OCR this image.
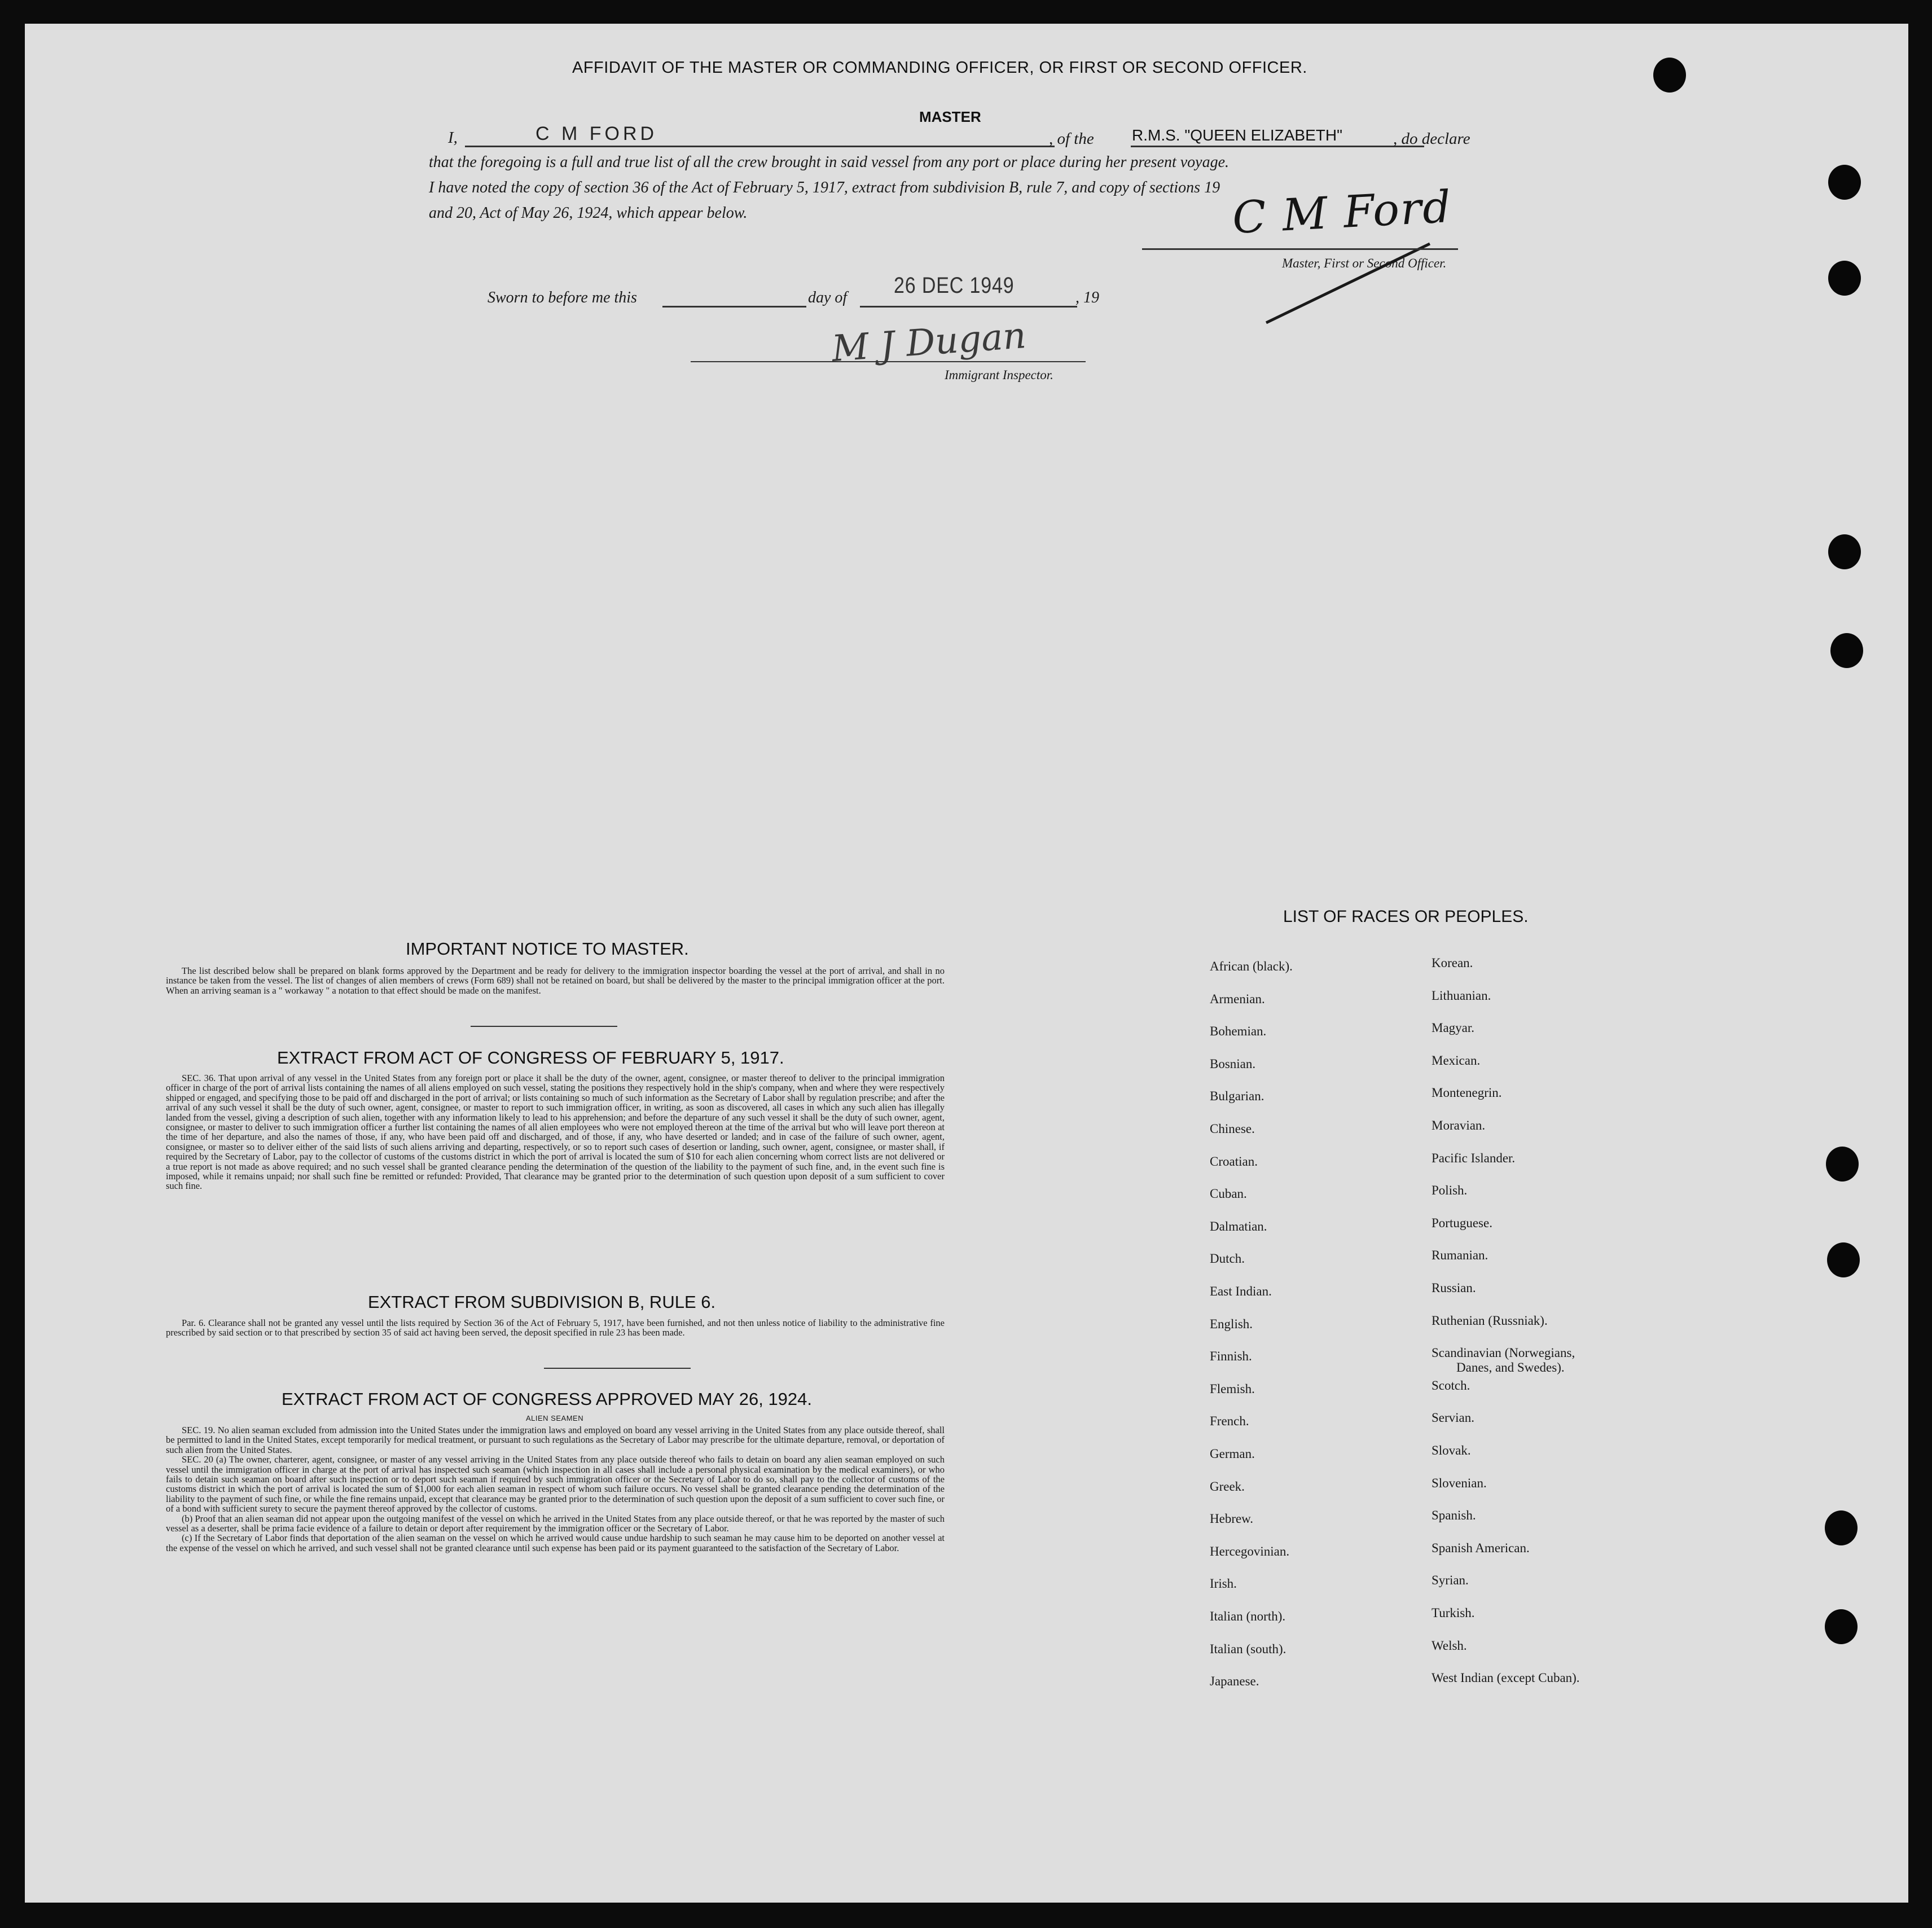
AFFIDAVIT OF THE MASTER OR COMMANDING OFFICER, OR FIRST OR SECOND OFFICER.
I,	C M FORD
MASTER
, of the R.M.S. "QUEEN ELIZABETH"	, do declare
that the foregoing is a full and true list of all the crew brought in said vessel from any port or place during her present voyage.
I have noted the copy of section 36 of the Act of February 5, 1917, extract from subdivision B, rule 7, and copy of sections 19
and 20, Act of May 26, 1924, which appear below.	C M Ford
Master, First or Second Officer.
Sworn to before me this	day of 26 DEC 1949	, 19
M J Dugan
Immigrant Inspector.
IMPORTANT NOTICE TO MASTER.

The list described below shall be prepared on blank forms approved by the Department and be ready for delivery to the immigration inspector boarding the vessel at the port of arrival, and shall in no instance be taken from the vessel. The list of changes of alien members of crews (Form 689) shall not be retained on board, but shall be delivered by the master to the principal immigration officer at the port. When an arriving seaman is a " workaway " a notation to that effect should be made on the manifest.

EXTRACT FROM ACT OF CONGRESS OF FEBRUARY 5, 1917.

SEC. 36. That upon arrival of any vessel in the United States from any foreign port or place it shall be the duty of the owner, agent, consignee, or master thereof to deliver to the principal immigration officer in charge of the port of arrival lists containing the names of all aliens employed on such vessel, stating the positions they respectively hold in the ship's company, when and where they were respectively shipped or engaged, and specifying those to be paid off and discharged in the port of arrival; or lists containing so much of such information as the Secretary of Labor shall by regulation prescribe; and after the arrival of any such vessel it shall be the duty of such owner, agent, consignee, or master to report to such immigration officer, in writing, as soon as discovered, all cases in which any such alien has illegally landed from the vessel, giving a description of such alien, together with any information likely to lead to his apprehension; and before the departure of any such vessel it shall be the duty of such owner, agent, consignee, or master to deliver to such immigration officer a further list containing the names of all alien employees who were not employed thereon at the time of the arrival but who will leave port thereon at the time of her departure, and also the names of those, if any, who have been paid off and discharged, and of those, if any, who have deserted or landed; and in case of the failure of such owner, agent, consignee, or master so to deliver either of the said lists of such aliens arriving and departing, respectively, or so to report such cases of desertion or landing, such owner, agent, consignee, or master shall, if required by the Secretary of Labor, pay to the collector of customs of the customs district in which the port of arrival is located the sum of $10 for each alien concerning whom correct lists are not delivered or a true report is not made as above required; and no such vessel shall be granted clearance pending the determination of the question of the liability to the payment of such fine, and, in the event such fine is imposed, while it remains unpaid; nor shall such fine be remitted or refunded: Provided, That clearance may be granted prior to the determination of such question upon deposit of a sum sufficient to cover such fine.

EXTRACT FROM SUBDIVISION B, RULE 6.

Par. 6. Clearance shall not be granted any vessel until the lists required by Section 36 of the Act of February 5, 1917, have been furnished, and not then unless notice of liability to the administrative fine prescribed by said section or to that prescribed by section 35 of said act having been served, the deposit specified in rule 23 has been made.

EXTRACT FROM ACT OF CONGRESS APPROVED MAY 26, 1924.
ALIEN SEAMEN

SEC. 19. No alien seaman excluded from admission into the United States under the immigration laws and employed on board any vessel arriving in the United States from any place outside thereof, shall be permitted to land in the United States, except temporarily for medical treatment, or pursuant to such regulations as the Secretary of Labor may prescribe for the ultimate departure, removal, or deportation of such alien from the United States.

SEC. 20 (a) The owner, charterer, agent, consignee, or master of any vessel arriving in the United States from any place outside thereof who fails to detain on board any alien seaman employed on such vessel until the immigration officer in charge at the port of arrival has inspected such seaman (which inspection in all cases shall include a personal physical examination by the medical examiners), or who fails to detain such seaman on board after such inspection or to deport such seaman if required by such immigration officer or the Secretary of Labor to do so, shall pay to the collector of customs of the customs district in which the port of arrival is located the sum of $1,000 for each alien seaman in respect of whom such failure occurs. No vessel shall be granted clearance pending the determination of the liability to the payment of such fine, or while the fine remains unpaid, except that clearance may be granted prior to the determination of such question upon the deposit of a sum sufficient to cover such fine, or of a bond with sufficient surety to secure the payment thereof approved by the collector of customs.

(b) Proof that an alien seaman did not appear upon the outgoing manifest of the vessel on which he arrived in the United States from any place outside thereof, or that he was reported by the master of such vessel as a deserter, shall be prima facie evidence of a failure to detain or deport after requirement by the immigration officer or the Secretary of Labor.

(c) If the Secretary of Labor finds that deportation of the alien seaman on the vessel on which he arrived would cause undue hardship to such seaman he may cause him to be deported on another vessel at the expense of the vessel on which he arrived, and such vessel shall not be granted clearance until such expense has been paid or its payment guaranteed to the satisfaction of the Secretary of Labor.

LIST OF RACES OR PEOPLES.
African (black).
Armenian.
Bohemian.
Bosnian.
Bulgarian.
Chinese.
Croatian.
Cuban.
Dalmatian.
Dutch.
East Indian.
English.
Finnish.
Flemish.
French.
German.
Greek.
Hebrew.
Hercegovinian.
Irish.
Italian (north).
Italian (south).
Japanese.
Korean.
Lithuanian.
Magyar.
Mexican.
Montenegrin.
Moravian.
Pacific Islander.
Polish.
Portuguese.
Rumanian.
Russian.
Ruthenian (Russniak).
Scandinavian (Norwegians,
Danes, and Swedes).
Scotch.
Servian.
Slovak.
Slovenian.
Spanish.
Spanish American.
Syrian.
Turkish.
Welsh.
West Indian (except Cuban).
